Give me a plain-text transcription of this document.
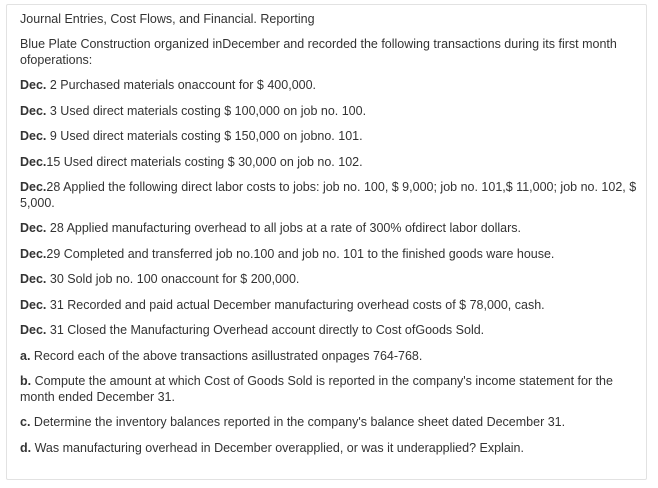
Journal Entries, Cost Flows, and Financial. Reporting

Blue Plate Construction organized inDecember and recorded the following transactions during its first month ofoperations:

Dec. 2 Purchased materials onaccount for $ 400,000.

Dec. 3 Used direct materials costing $ 100,000 on job no. 100.

Dec. 9 Used direct materials costing $ 150,000 on jobno. 101.

Dec.15 Used direct materials costing $ 30,000 on job no. 102.

Dec.28 Applied the following direct labor costs to jobs: job no. 100, $ 9,000; job no. 101,$ 11,000; job no. 102, $ 5,000.

Dec. 28 Applied manufacturing overhead to all jobs at a rate of 300% ofdirect labor dollars.

Dec.29 Completed and transferred job no.100 and job no. 101 to the finished goods ware house.

Dec. 30 Sold job no. 100 onaccount for $ 200,000.

Dec. 31 Recorded and paid actual December manufacturing overhead costs of $ 78,000, cash.

Dec. 31 Closed the Manufacturing Overhead account directly to Cost ofGoods Sold.

a. Record each of the above transactions asillustrated onpages 764-768.

b. Compute the amount at which Cost of Goods Sold is reported in the company's income statement for the month ended December 31.

c. Determine the inventory balances reported in the company's balance sheet dated December 31.

d. Was manufacturing overhead in December overapplied, or was it underapplied? Explain.
